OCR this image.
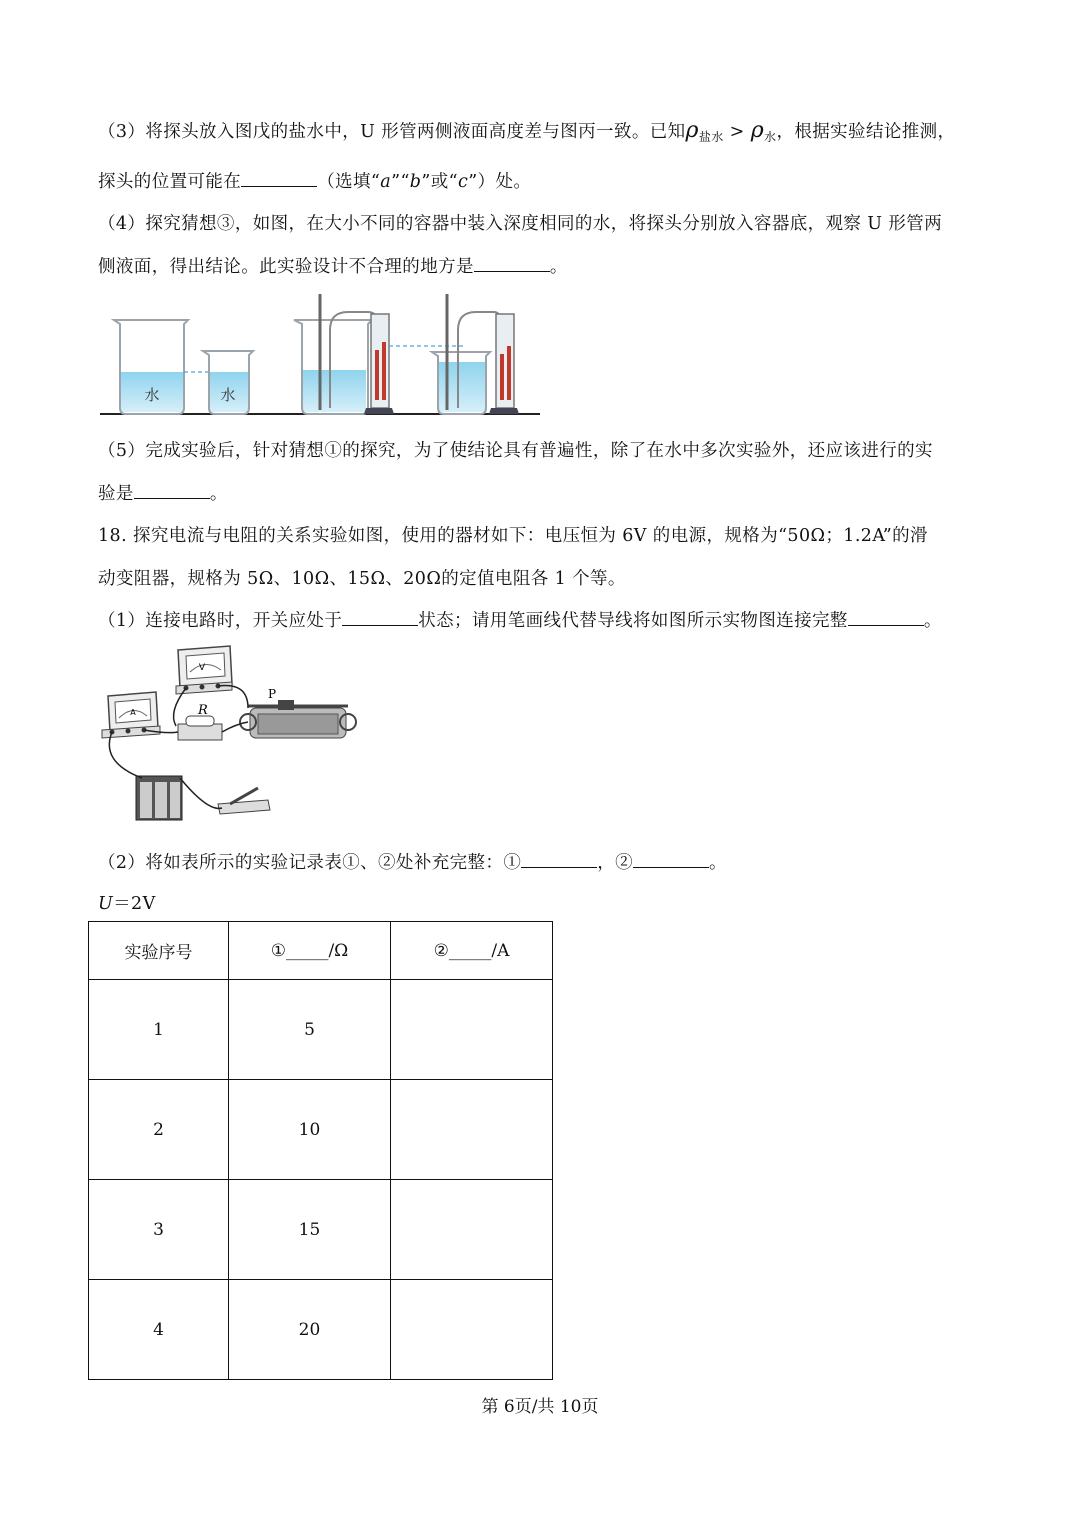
（3）将探头放入图戊的盐水中，U 形管两侧液面高度差与图丙一致。已知$\rho_{盐水} > \rho_水$，根据实验结论推测，
探头的位置可能在	（选填“a”“b”或“c”）处。
（4）探究猜想③，如图，在大小不同的容器中装入深度相同的水，将探头分别放入容器底，观察 U 形管两
侧液面，得出结论。此实验设计不合理的地方是	。
水	水
（5）完成实验后，针对猜想①的探究，为了使结论具有普遍性，除了在水中多次实验外，还应该进行的实
验是	。
18. 探究电流与电阻的关系实验如图，使用的器材如下：电压恒为 6V 的电源，规格为“50Ω；1.2A”的滑
动变阻器，规格为 5Ω、10Ω、15Ω、20Ω的定值电阻各 1 个等。
（1）连接电路时，开关应处于	状态；请用笔画线代替导线将如图所示实物图连接完整	。
V
A	R
P
（2）将如表所示的实验记录表①、②处补充完整：①	，②	。
U＝2V
实验序号	①_____/Ω	②_____/A
1	5	
2	10	
3	15	
4	20	
第 6页/共 10页
